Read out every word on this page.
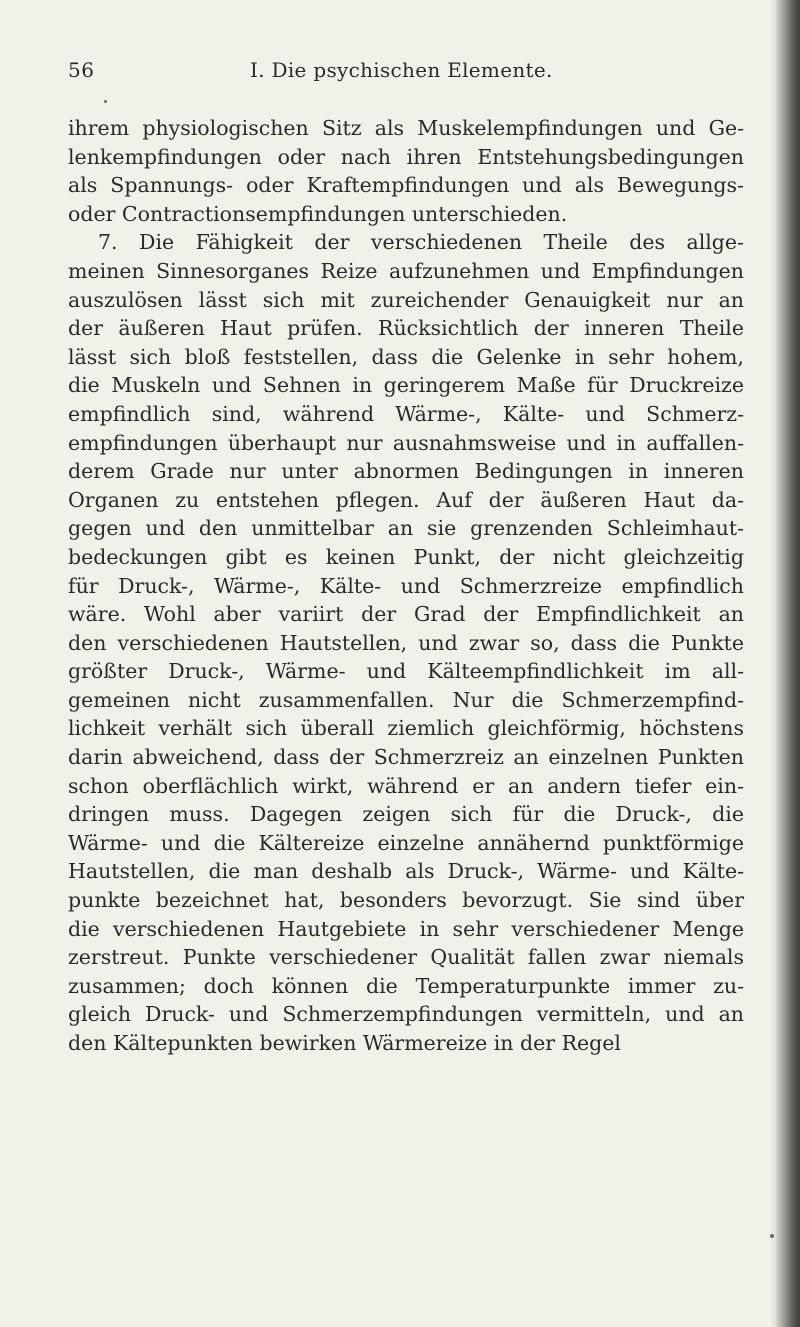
56	I. Die psychischen Elemente.
ihrem physiologischen Sitz als Muskelempfindungen und Ge-
lenkempfindungen oder nach ihren Entstehungsbedingungen
als Spannungs- oder Kraftempfindungen und als Bewegungs-
oder Contractionsempfindungen unterschieden.
7. Die Fähigkeit der verschiedenen Theile des allge-
meinen Sinnesorganes Reize aufzunehmen und Empfindungen
auszulösen lässt sich mit zureichender Genauigkeit nur an
der äußeren Haut prüfen. Rücksichtlich der inneren Theile
lässt sich bloß feststellen, dass die Gelenke in sehr hohem,
die Muskeln und Sehnen in geringerem Maße für Druckreize
empfindlich sind, während Wärme-, Kälte- und Schmerz-
empfindungen überhaupt nur ausnahmsweise und in auffallen-
derem Grade nur unter abnormen Bedingungen in inneren
Organen zu entstehen pflegen. Auf der äußeren Haut da-
gegen und den unmittelbar an sie grenzenden Schleimhaut-
bedeckungen gibt es keinen Punkt, der nicht gleichzeitig
für Druck-, Wärme-, Kälte- und Schmerzreize empfindlich
wäre. Wohl aber variirt der Grad der Empfindlichkeit an
den verschiedenen Hautstellen, und zwar so, dass die Punkte
größter Druck-, Wärme- und Kälteempfindlichkeit im all-
gemeinen nicht zusammenfallen. Nur die Schmerzempfind-
lichkeit verhält sich überall ziemlich gleichförmig, höchstens
darin abweichend, dass der Schmerzreiz an einzelnen Punkten
schon oberflächlich wirkt, während er an andern tiefer ein-
dringen muss. Dagegen zeigen sich für die Druck-, die
Wärme- und die Kältereize einzelne annähernd punktförmige
Hautstellen, die man deshalb als Druck-, Wärme- und Kälte-
punkte bezeichnet hat, besonders bevorzugt. Sie sind über
die verschiedenen Hautgebiete in sehr verschiedener Menge
zerstreut. Punkte verschiedener Qualität fallen zwar niemals
zusammen; doch können die Temperaturpunkte immer zu-
gleich Druck- und Schmerzempfindungen vermitteln, und an
den Kältepunkten bewirken Wärmereize in der Regel
